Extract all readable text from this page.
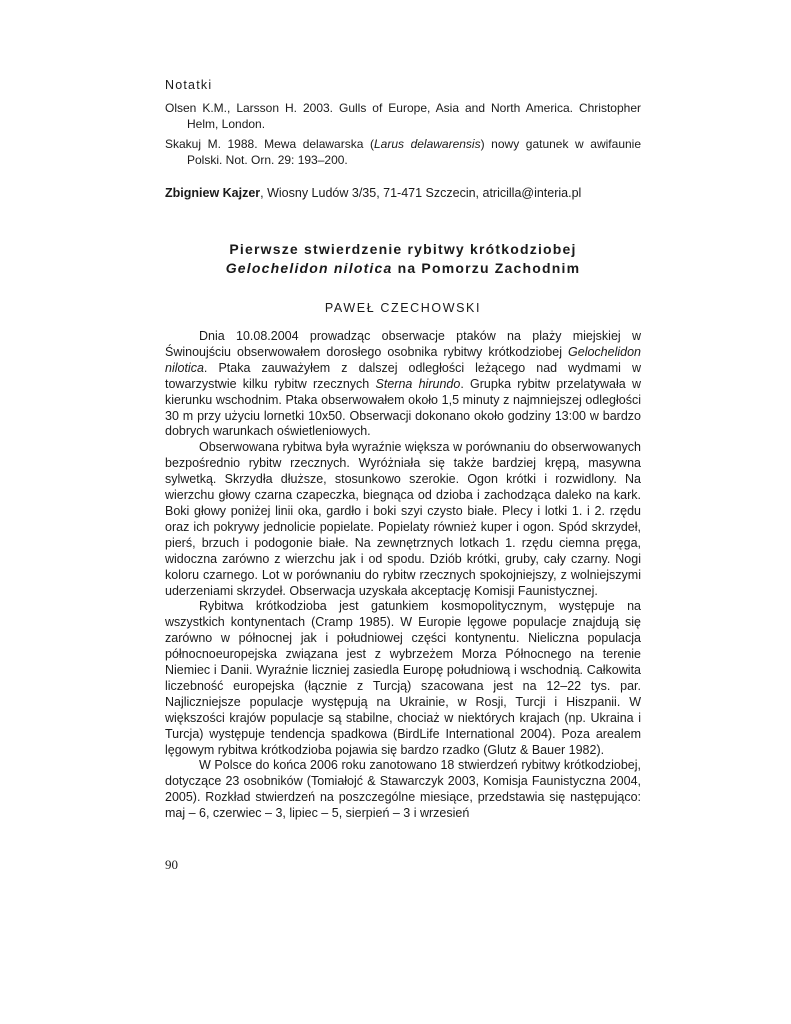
Notatki

Olsen K.M., Larsson H. 2003. Gulls of Europe, Asia and North America. Christopher Helm, London.

Skakuj M. 1988. Mewa delawarska (Larus delawarensis) nowy gatunek w awifaunie Polski. Not. Orn. 29: 193–200.

Zbigniew Kajzer, Wiosny Ludów 3/35, 71-471 Szczecin, atricilla@interia.pl

Pierwsze stwierdzenie rybitwy krótkodziobej
Gelochelidon nilotica na Pomorzu Zachodnim
PAWEŁ CZECHOWSKI

Dnia 10.08.2004 prowadząc obserwacje ptaków na plaży miejskiej w Świnoujściu obserwowałem dorosłego osobnika rybitwy krótkodziobej Gelochelidon nilotica. Ptaka zauważyłem z dalszej odległości leżącego nad wydmami w towarzystwie kilku rybitw rzecznych Sterna hirundo. Grupka rybitw przelatywała w kierunku wschodnim. Ptaka obserwowałem około 1,5 minuty z najmniejszej odległości 30 m przy użyciu lornetki 10x50. Obserwacji dokonano około godziny 13:00 w bardzo dobrych warunkach oświetleniowych.

Obserwowana rybitwa była wyraźnie większa w porównaniu do obserwowanych bezpośrednio rybitw rzecznych. Wyróżniała się także bardziej krępą, masywna sylwetką. Skrzydła dłuższe, stosunkowo szerokie. Ogon krótki i rozwidlony. Na wierzchu głowy czarna czapeczka, biegnąca od dzioba i zachodząca daleko na kark. Boki głowy poniżej linii oka, gardło i boki szyi czysto białe. Plecy i lotki 1. i 2. rzędu oraz ich pokrywy jednolicie popielate. Popielaty również kuper i ogon. Spód skrzydeł, pierś, brzuch i podogonie białe. Na zewnętrznych lotkach 1. rzędu ciemna pręga, widoczna zarówno z wierzchu jak i od spodu. Dziób krótki, gruby, cały czarny. Nogi koloru czarnego. Lot w porównaniu do rybitw rzecznych spokojniejszy, z wolniejszymi uderzeniami skrzydeł. Obserwacja uzyskała akceptację Komisji Faunistycznej.

Rybitwa krótkodzioba jest gatunkiem kosmopolitycznym, występuje na wszystkich kontynentach (Cramp 1985). W Europie lęgowe populacje znajdują się zarówno w północnej jak i południowej części kontynentu. Nieliczna populacja północnoeuropejska związana jest z wybrzeżem Morza Północnego na terenie Niemiec i Danii. Wyraźnie liczniej zasiedla Europę południową i wschodnią. Całkowita liczebność europejska (łącznie z Turcją) szacowana jest na 12–22 tys. par. Najliczniejsze populacje występują na Ukrainie, w Rosji, Turcji i Hiszpanii. W większości krajów populacje są stabilne, chociaż w niektórych krajach (np. Ukraina i Turcja) występuje tendencja spadkowa (BirdLife International 2004). Poza arealem lęgowym rybitwa krótkodzioba pojawia się bardzo rzadko (Glutz & Bauer 1982).

W Polsce do końca 2006 roku zanotowano 18 stwierdzeń rybitwy krótkodziobej, dotyczące 23 osobników (Tomiałojć & Stawarczyk 2003, Komisja Faunistyczna 2004, 2005). Rozkład stwierdzeń na poszczególne miesiące, przedstawia się następująco: maj – 6, czerwiec – 3, lipiec – 5, sierpień – 3 i wrzesień

90
